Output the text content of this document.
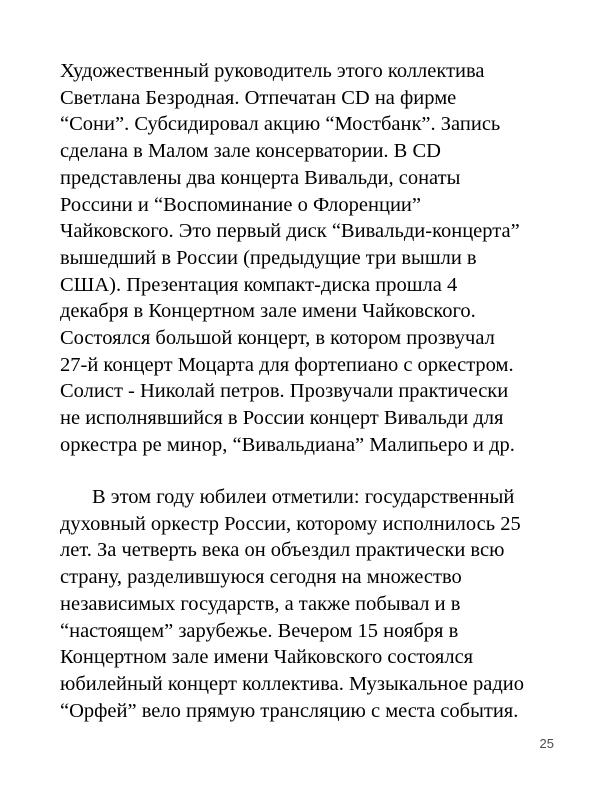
Художественный руководитель этого коллектива
Светлана Безродная. Отпечатан CD на фирме
“Сони”. Субсидировал акцию “Мостбанк”. Запись
сделана в Малом зале консерватории. В CD
представлены два концерта Вивальди, сонаты
Россини и “Воспоминание о Флоренции”
Чайковского. Это первый диск “Вивальди-концерта”
вышедший в России (предыдущие три вышли в
США). Презентация компакт-диска прошла 4
декабря в Концертном зале имени Чайковского.
Состоялся большой концерт, в котором прозвучал
27-й концерт Моцарта для фортепиано с оркестром.
Солист - Николай петров. Прозвучали практически
не исполнявшийся в России концерт Вивальди для
оркестра ре минор, “Вивальдиана” Малипьеро и др.
В этом году юбилеи отметили: государственный
духовный оркестр России, которому исполнилось 25
лет. За четверть века он объездил практически всю
страну, разделившуюся сегодня на множество
независимых государств, а также побывал и в
“настоящем” зарубежье. Вечером 15 ноября в
Концертном зале имени Чайковского состоялся
юбилейный концерт коллектива. Музыкальное радио
“Орфей” вело прямую трансляцию с места события.
25
